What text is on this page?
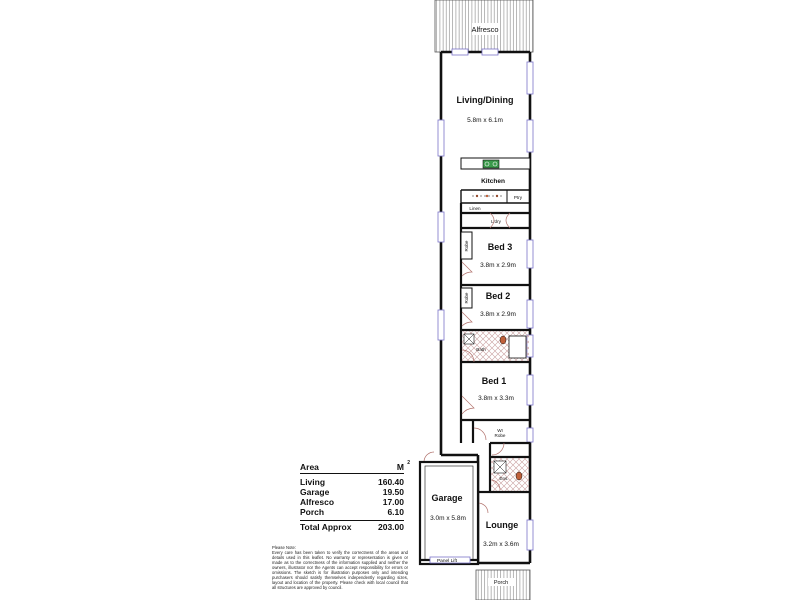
Alfresco
Porch
Living/Dining
5.8m x 6.1m
Kitchen
Ptry
Linen
L'dry
Bed 3
3.8m x 2.9m
Robe
Bed 2
3.8m x 2.9m
Robe
Bath
Bed 1
3.8m x 3.3m
WI
Robe
Ens.
Garage
3.0m x 5.8m
Panel Lift
Lounge
3.2m x 3.6m
Area	M 2
Living	160.40
Garage	19.50
Alfresco	17.00
Porch	6.10
Total Approx	203.00
Please Note:
Every care has been taken to verify the correctness of the areas and details used in this leaflet. No warranty or representation is given or made as to the correctness of the information supplied and neither the owners, illustrator nor the Agents can accept responsibility for errors or omissions. The sketch is for illustration purposes only and intending purchasers should satisfy themselves independently regarding sizes, layout and location of the property. Please check with local council that all structures are approved by council.
